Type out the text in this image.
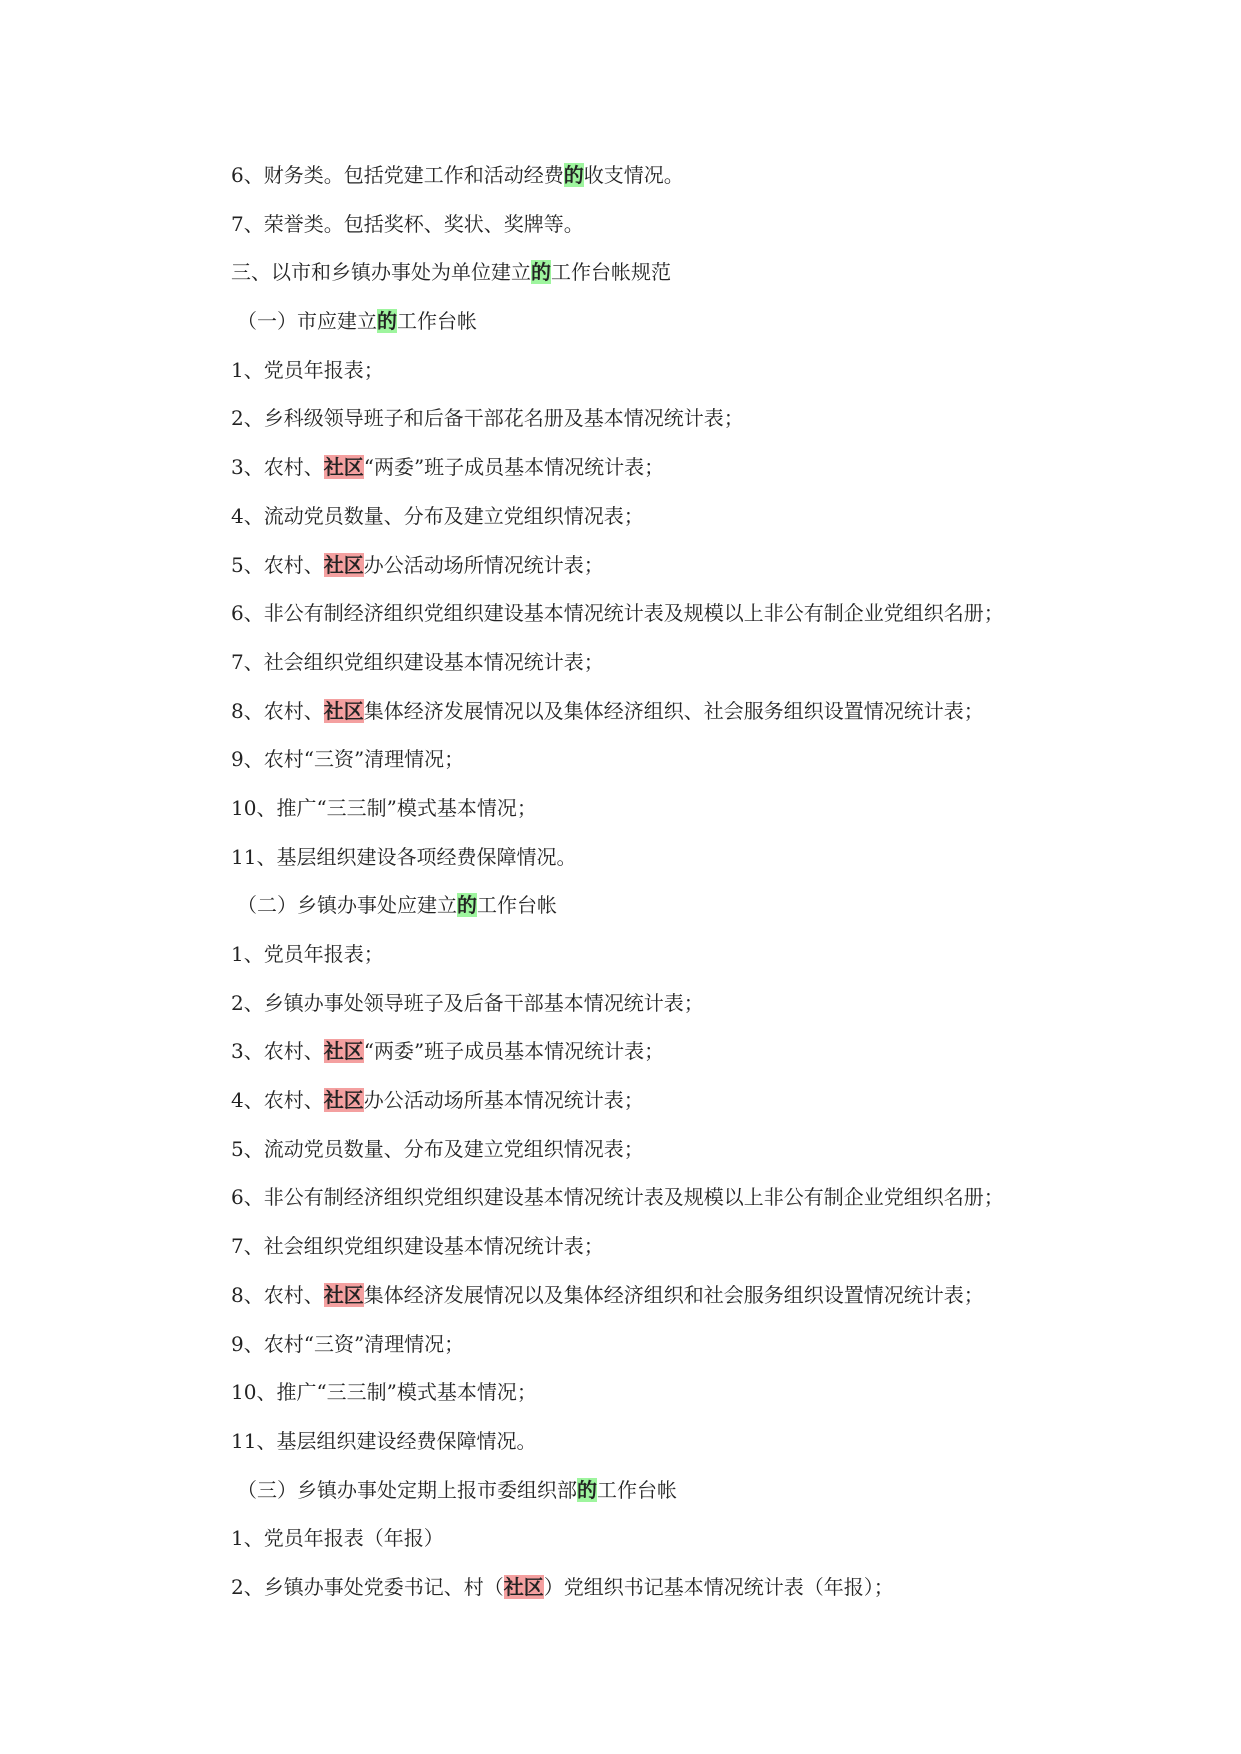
6、财务类。包括党建工作和活动经费的收支情况。

7、荣誉类。包括奖杯、奖状、奖牌等。

三、以市和乡镇办事处为单位建立的工作台帐规范

（一）市应建立的工作台帐

1、党员年报表；

2、乡科级领导班子和后备干部花名册及基本情况统计表；

3、农村、社区“两委”班子成员基本情况统计表；

4、流动党员数量、分布及建立党组织情况表；

5、农村、社区办公活动场所情况统计表；

6、非公有制经济组织党组织建设基本情况统计表及规模以上非公有制企业党组织名册；

7、社会组织党组织建设基本情况统计表；

8、农村、社区集体经济发展情况以及集体经济组织、社会服务组织设置情况统计表；

9、农村“三资”清理情况；

10、推广“三三制”模式基本情况；

11、基层组织建设各项经费保障情况。

（二）乡镇办事处应建立的工作台帐

1、党员年报表；

2、乡镇办事处领导班子及后备干部基本情况统计表；

3、农村、社区“两委”班子成员基本情况统计表；

4、农村、社区办公活动场所基本情况统计表；

5、流动党员数量、分布及建立党组织情况表；

6、非公有制经济组织党组织建设基本情况统计表及规模以上非公有制企业党组织名册；

7、社会组织党组织建设基本情况统计表；

8、农村、社区集体经济发展情况以及集体经济组织和社会服务组织设置情况统计表；

9、农村“三资”清理情况；

10、推广“三三制”模式基本情况；

11、基层组织建设经费保障情况。

（三）乡镇办事处定期上报市委组织部的工作台帐

1、党员年报表（年报）

2、乡镇办事处党委书记、村（社区）党组织书记基本情况统计表（年报）；
